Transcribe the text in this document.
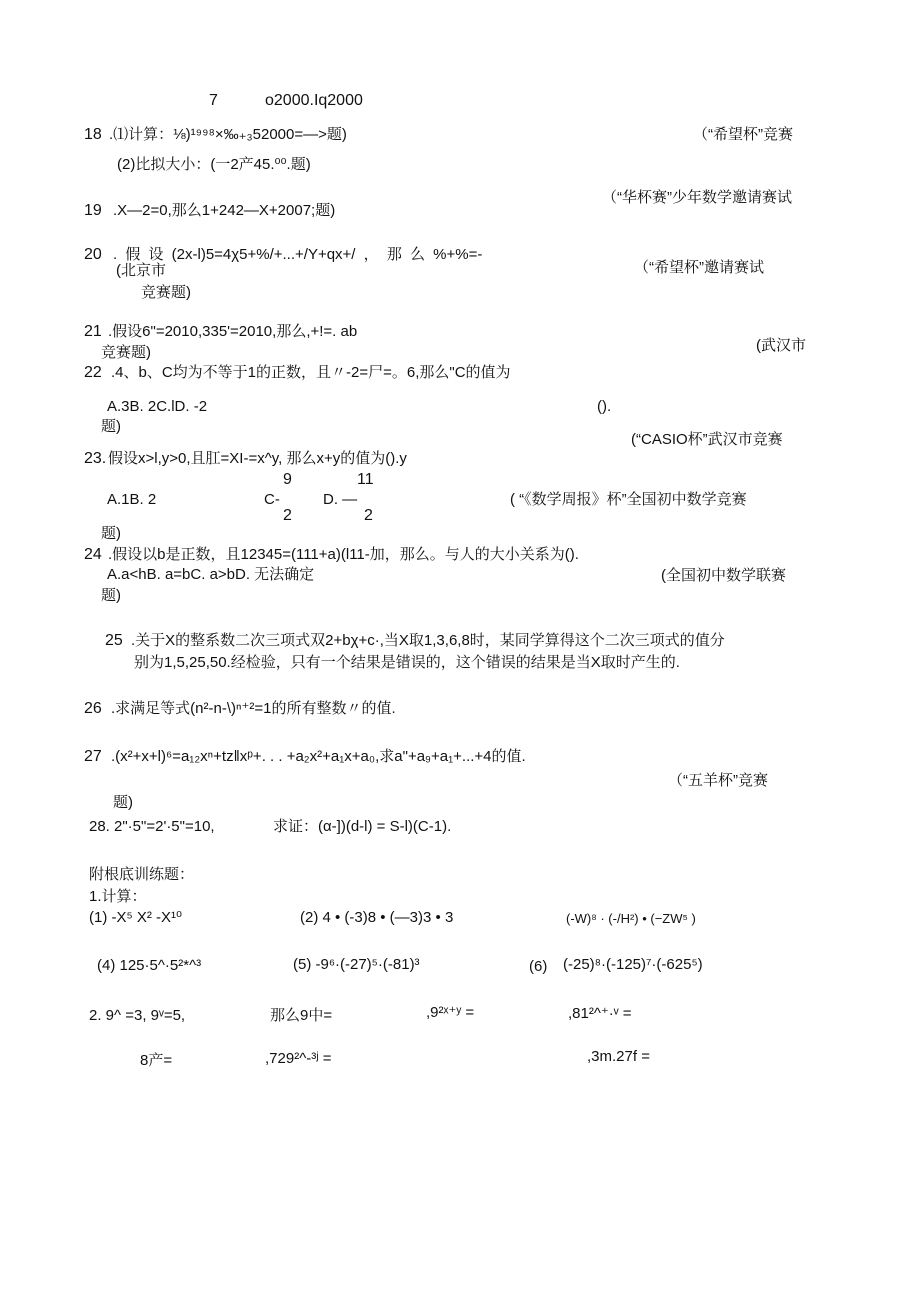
7	o2000.Iq2000
18 .⑴计算：⅛)¹⁹⁹⁸×‰₊₃52000=—>题)	（“希望杯”竞赛
(2)比拟大小：(一2产45.⁰⁰.题)
（“华杯赛”少年数学邀请赛试
19 .X—2=0,那么1+242—X+2007;题)
20 . 假 设 (2x-l)5=4χ5+%/+...+/Y+qx+/ ， 那 么 %+%=-
(北京市	（“希望杯”邀请赛试
竞赛题)
21 .假设6"=2010,335'=2010,那么,+!=. ab
(武汉市
竞赛题)
22 .4、b、C均为不等于1的正数，且〃-2=尸=。6,那么"C的值为
A.3B. 2C.lD. -2	().
题)
(“CASIO杯”武汉市竞赛
23. 假设x>l,y>0,且肛=XI-=x^y, 那么x+y的值为().y
9	11
A.1B. 2	C-	D. —	( “《数学周报》杯”全国初中数学竞赛
2	2
题)
24 .假设以b是正数，且12345=(111+a)(l11-加，那么。与人的大小关系为().
A.a<hB. a=bC. a>bD. 无法确定	(全国初中数学联赛
题)
25 .关于X的整系数二次三项式双2+bχ+c·,当X取1,3,6,8时，某同学算得这个二次三项式的值分
别为1,5,25,50.经检验，只有一个结果是错误的，这个错误的结果是当X取时产生的.
26 .求满足等式(n²-n-\)ⁿ⁺²=1的所有整数〃的值.
27 .(x²+x+l)⁶=a₁₂xⁿ+tz‖xᵖ+. . . +a₂x²+a₁x+a₀,求a"+a₉+a₁+...+4的值.
（“五羊杯”竞赛
题)
28. 2"·5"=2'·5"=10,	求证：(α-])(d-l) = S-l)(C-1).
附根底训练题：
1.计算：
(1) -X⁵ X² -X¹⁰	(2) 4 • (-3)8 • (—3)3 • 3	(-W)⁸ · (-/H²) • (−ZW⁵ )
(4) 125·5^·5²*^³	(5) -9⁶·(-27)⁵·(-81)³	(6) (-25)⁸·(-125)⁷·(-625⁵)
2. 9^ =3, 9ᵛ=5,	那么9中=	,9²ˣ⁺ʸ =	,81²^⁺·ᵛ =
8产=	,729²^-³ʲ =	,3m.27f =
